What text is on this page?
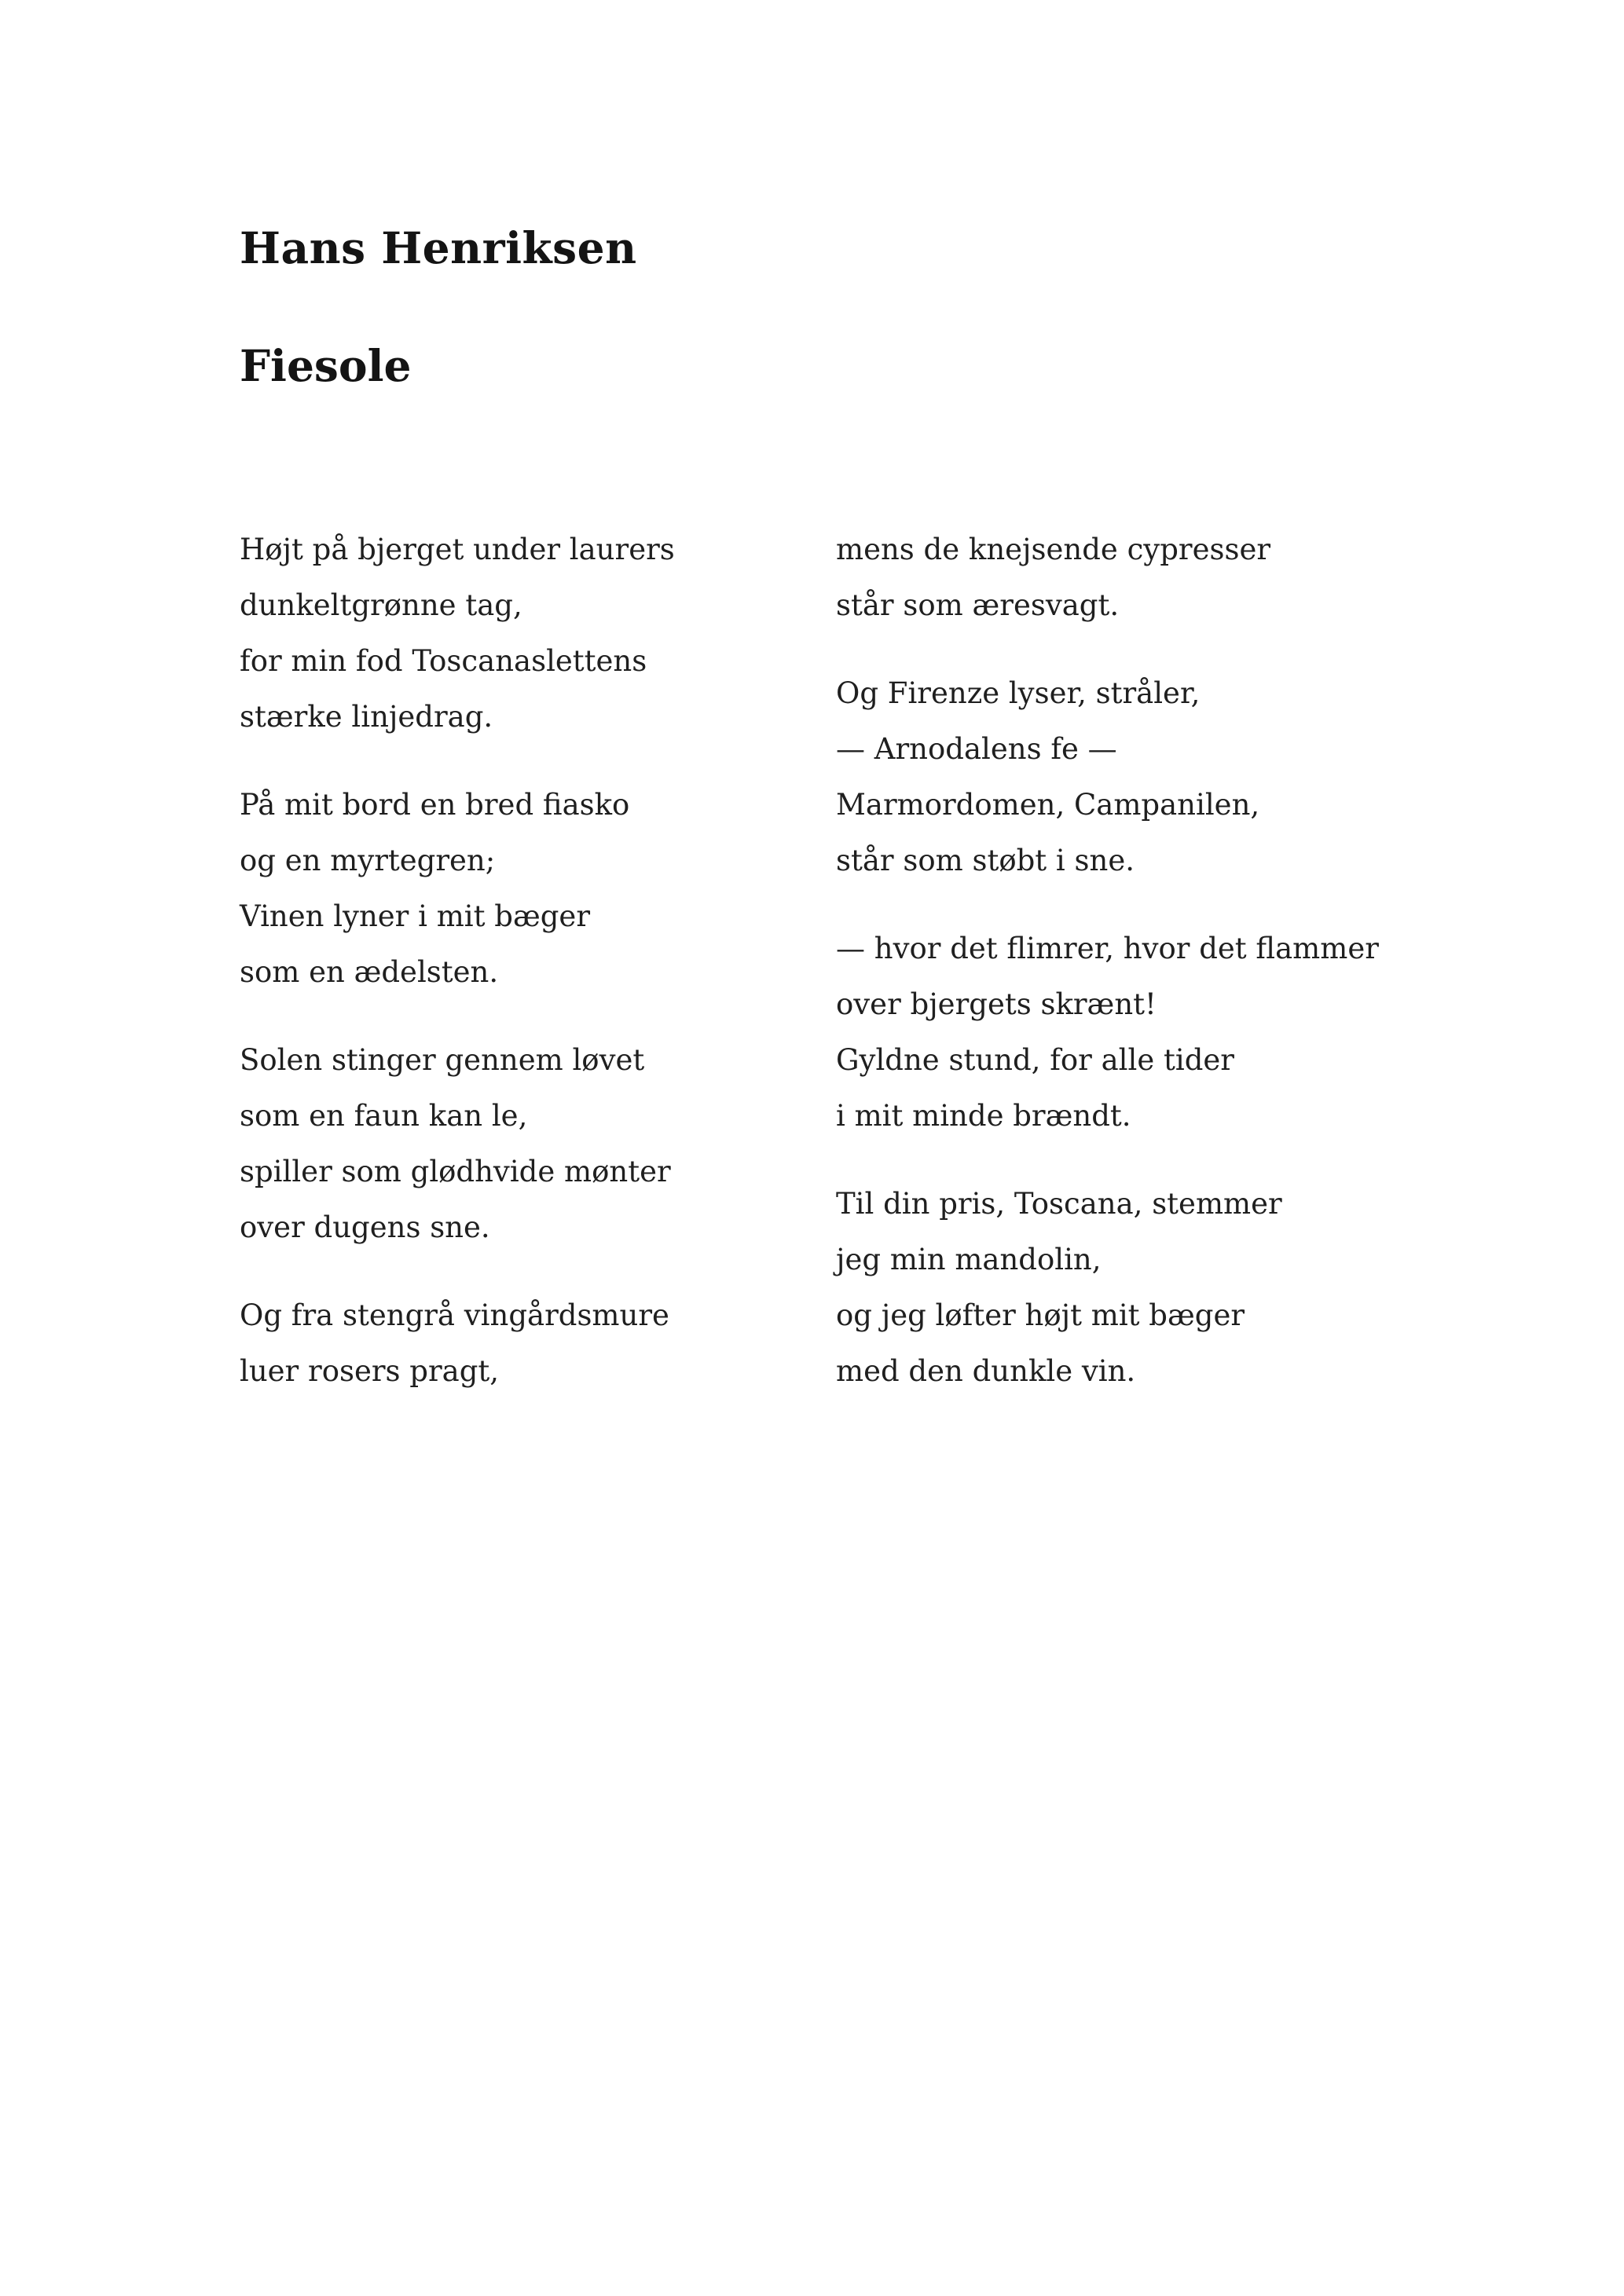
Hans Henriksen
Fiesole
Højt på bjerget under laurers
dunkeltgrønne tag,
for min fod Toscanaslettens
stærke linjedrag.
På mit bord en bred fiasko
og en myrtegren;
Vinen lyner i mit bæger
som en ædelsten.
Solen stinger gennem løvet
som en faun kan le,
spiller som glødhvide mønter
over dugens sne.
Og fra stengrå vingårdsmure
luer rosers pragt,
mens de knejsende cypresser
står som æresvagt.
Og Firenze lyser, stråler,
— Arnodalens fe —
Marmordomen, Campanilen,
står som støbt i sne.
— hvor det flimrer, hvor det flammer
over bjergets skrænt!
Gyldne stund, for alle tider
i mit minde brændt.
Til din pris, Toscana, stemmer
jeg min mandolin,
og jeg løfter højt mit bæger
med den dunkle vin.
